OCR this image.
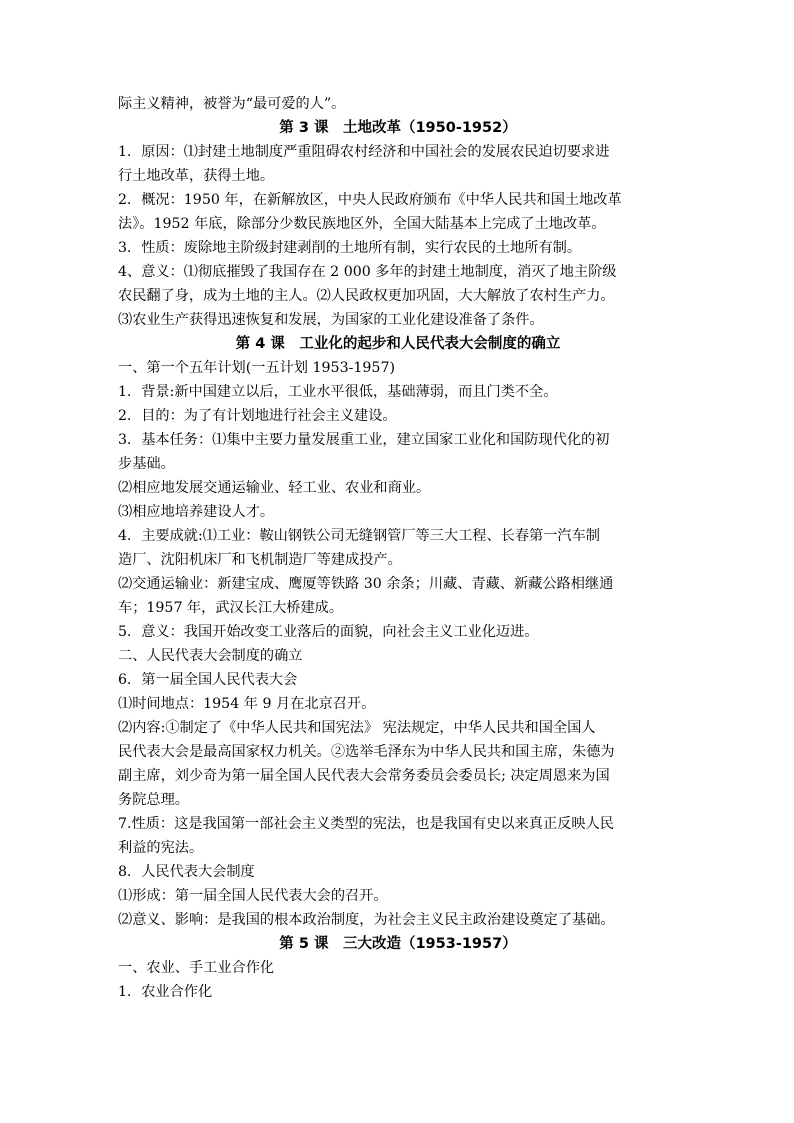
际主义精神，被誉为“最可爱的人”。
第 3 课　土地改革（1950-1952）
1．原因：⑴封建土地制度严重阻碍农村经济和中国社会的发展农民迫切要求进
行土地改革，获得土地。
2．概况：1950 年，在新解放区，中央人民政府颁布《中华人民共和国土地改革
法》。1952 年底，除部分少数民族地区外，全国大陆基本上完成了土地改革。
3．性质：废除地主阶级封建剥削的土地所有制，实行农民的土地所有制。
4、意义：⑴彻底摧毁了我国存在 2 000 多年的封建土地制度，消灭了地主阶级
农民翻了身，成为土地的主人。⑵人民政权更加巩固，大大解放了农村生产力。
⑶农业生产获得迅速恢复和发展，为国家的工业化建设准备了条件。
第 4 课　工业化的起步和人民代表大会制度的确立
一、第一个五年计划(一五计划 1953-1957)
1．背景:新中国建立以后，工业水平很低，基础薄弱，而且门类不全。
2．目的：为了有计划地进行社会主义建设。
3．基本任务：⑴集中主要力量发展重工业，建立国家工业化和国防现代化的初
步基础。
⑵相应地发展交通运输业、轻工业、农业和商业。
⑶相应地培养建设人才。
4．主要成就:⑴工业：鞍山钢铁公司无缝钢管厂等三大工程、长春第一汽车制
造厂、沈阳机床厂和飞机制造厂等建成投产。
⑵交通运输业：新建宝成、鹰厦等铁路 30 余条；川藏、青藏、新藏公路相继通
车；1957 年，武汉长江大桥建成。
5．意义：我国开始改变工业落后的面貌，向社会主义工业化迈进。
二、人民代表大会制度的确立
6．第一届全国人民代表大会
⑴时间地点：1954 年 9 月在北京召开。
⑵内容:①制定了《中华人民共和国宪法》 宪法规定，中华人民共和国全国人
民代表大会是最高国家权力机关。②选举毛泽东为中华人民共和国主席，朱德为
副主席，刘少奇为第一届全国人民代表大会常务委员会委员长; 决定周恩来为国
务院总理。
7.性质：这是我国第一部社会主义类型的宪法，也是我国有史以来真正反映人民
利益的宪法。
8．人民代表大会制度
⑴形成：第一届全国人民代表大会的召开。
⑵意义、影响：是我国的根本政治制度，为社会主义民主政治建设奠定了基础。
第 5 课　三大改造（1953-1957）
一、农业、手工业合作化
1．农业合作化
